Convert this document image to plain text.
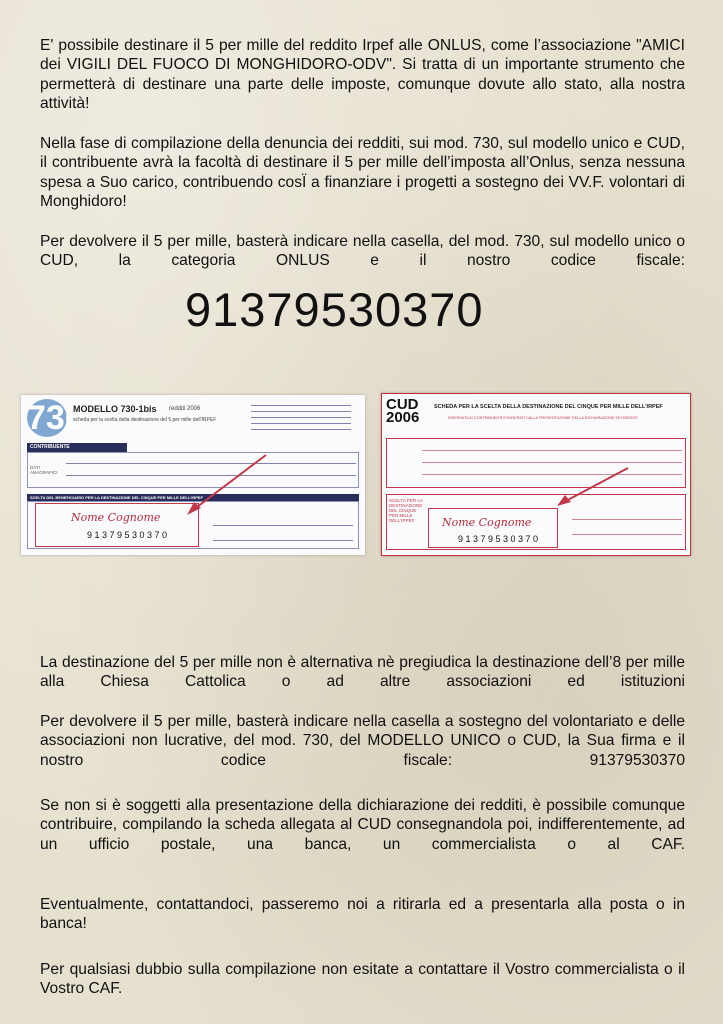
E' possibile destinare il 5 per mille del reddito Irpef alle ONLUS, come l’associazione "AMICI dei VIGILI DEL FUOCO DI MONGHIDORO-ODV". Si tratta di un importante strumento che permetterà di destinare una parte delle imposte, comunque dovute allo stato, alla nostra attività!

Nella fase di compilazione della denuncia dei redditi, sui mod. 730, sul modello unico e CUD, il contribuente avrà la facoltà di destinare il 5 per mille dell’imposta all’Onlus, senza nessuna spesa a Suo carico, contribuendo cosÏ a finanziare i progetti a sostegno dei VV.F. volontari di Monghidoro!

Per devolvere il 5 per mille, basterà indicare nella casella, del mod. 730, sul modello unico o CUD, la categoria ONLUS e il nostro codice fiscale:

91379530370

730
MODELLO 730-1bis redditi 2006
scheda per la scelta della destinazione del 5 per mille dell'IRPEF
CONTRIBUENTE
DATI ANAGRAFICI
SCELTA DEL BENEFICIARIO PER LA DESTINAZIONE DEL CINQUE PER MILLE DELL'IRPEF
Nome Cognome
91379530370
CUD
2006
SCHEDA PER LA SCELTA DELLA DESTINAZIONE DEL CINQUE PER MILLE DELL'IRPEF
RISERVATA AI CONTRIBUENTI ESONERATI DALLA PRESENTAZIONE DELLA DICHIARAZIONE DEI REDDITI
SCELTA PER LA DESTINAZIONE DEL CINQUE PER MILLE DELL'IRPEF	Nome Cognome
91379530370

La destinazione del 5 per mille non è alternativa nè pregiudica la destinazione dell’8 per mille alla Chiesa Cattolica o ad altre associazioni ed istituzioni

Per devolvere il 5 per mille, basterà indicare nella casella a sostegno del volontariato e delle associazioni non lucrative, del mod. 730, del MODELLO UNICO o CUD, la Sua firma e il nostro codice fiscale: 91379530370

Se non si è soggetti alla presentazione della dichiarazione dei redditi, è possibile comunque contribuire, compilando la scheda allegata al CUD consegnandola poi, indifferentemente, ad un ufficio postale, una banca, un commercialista o al CAF.

Eventualmente, contattandoci, passeremo noi a ritirarla ed a presentarla alla posta o in banca!

Per qualsiasi dubbio sulla compilazione non esitate a contattare il Vostro commercialista o il Vostro CAF.
